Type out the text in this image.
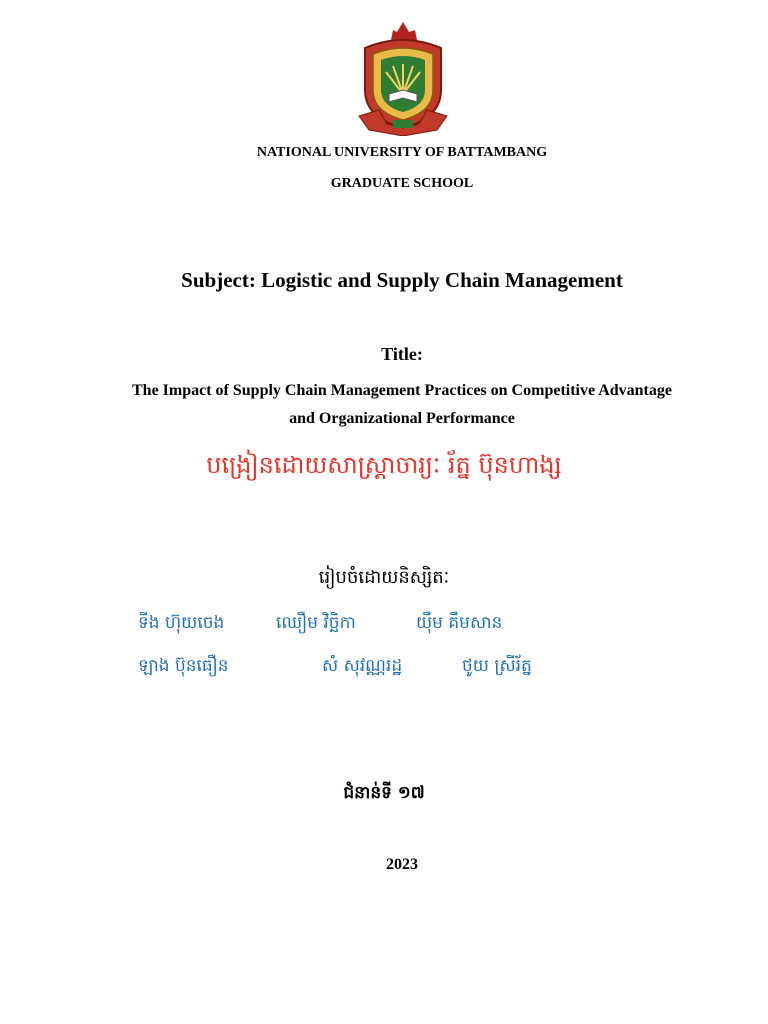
NATIONAL UNIVERSITY OF BATTAMBANG
GRADUATE SCHOOL
Subject: Logistic and Supply Chain Management
Title:
The Impact of Supply Chain Management Practices on Competitive Advantage
and Organizational Performance
បង្រៀនដោយសាស្ត្រាចារ្យៈ រ័ត្ន ប៊ុនហាង្ស
រៀបចំដោយនិស្សិតៈ
ទីង ហ៊ុយចេង	ឈឿម វិច្ឆិកា	យ៉ឹម គឹមសាន
ឡាង ប៊ុនធឿន	សំ សុវណ្ណរដ្ឋ	ថូយ ស្រីរ័ត្ន
ជំនាន់ទី ១៧
2023
